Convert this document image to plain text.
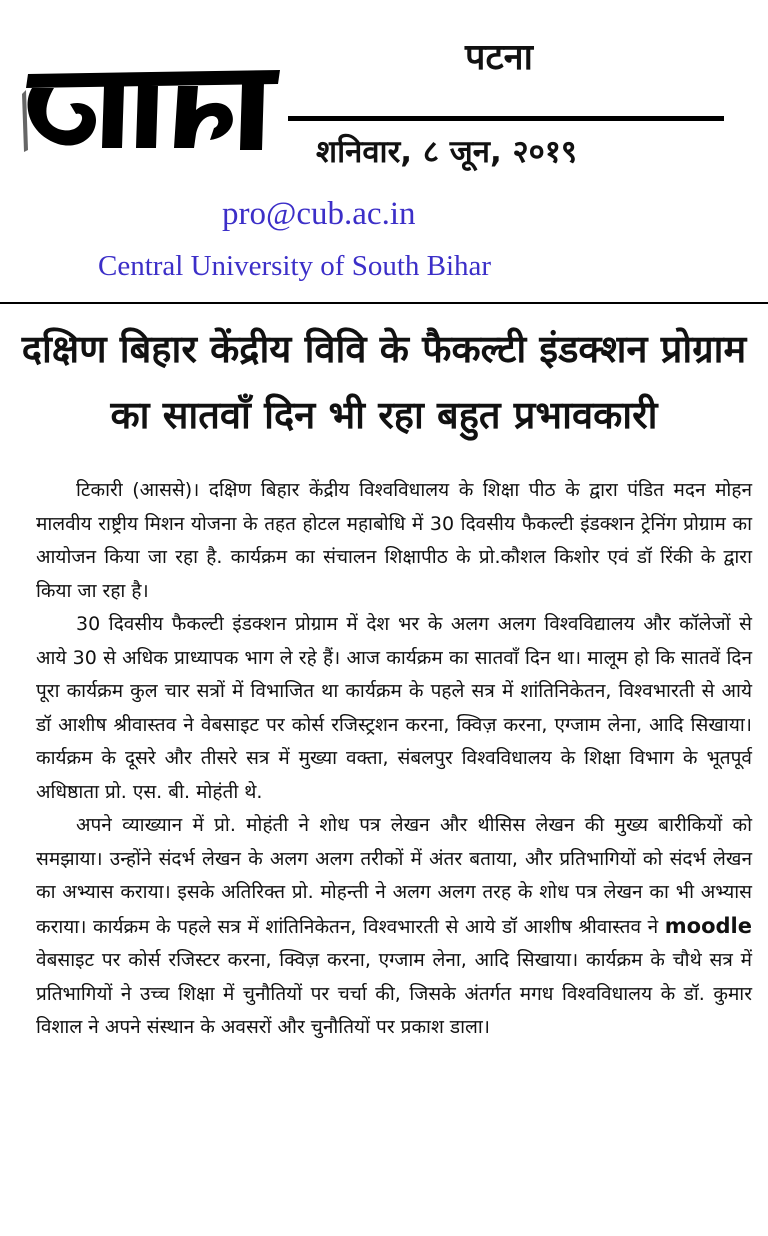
पटना
शनिवार, ८ जून, २०१९
pro@cub.ac.in
Central University of South Bihar
दक्षिण बिहार केंद्रीय विवि के फैकल्टी इंडक्शन प्रोग्राम का सातवाँ दिन भी रहा बहुत प्रभावकारी

टिकारी (आससे)। दक्षिण बिहार केंद्रीय विश्वविधालय के शिक्षा पीठ के द्वारा पंडित मदन मोहन मालवीय राष्ट्रीय मिशन योजना के तहत होटल महाबोधि में 30 दिवसीय फैकल्टी इंडक्शन ट्रेनिंग प्रोग्राम का आयोजन किया जा रहा है. कार्यक्रम का संचालन शिक्षापीठ के प्रो.कौशल किशोर एवं डॉ रिंकी के द्वारा किया जा रहा है।

30 दिवसीय फैकल्टी इंडक्शन प्रोग्राम में देश भर के अलग अलग विश्वविद्यालय और कॉलेजों से आये 30 से अधिक प्राध्यापक भाग ले रहे हैं। आज कार्यक्रम का सातवाँ दिन था। मालूम हो कि सातवें दिन पूरा कार्यक्रम कुल चार सत्रों में विभाजित था कार्यक्रम के पहले सत्र में शांतिनिकेतन, विश्वभारती से आये डॉ आशीष श्रीवास्तव ने वेबसाइट पर कोर्स रजिस्ट्रशन करना, क्विज़ करना, एग्जाम लेना, आदि सिखाया। कार्यक्रम के दूसरे और तीसरे सत्र में मुख्या वक्ता, संबलपुर विश्वविधालय के शिक्षा विभाग के भूतपूर्व अधिष्ठाता प्रो. एस. बी. मोहंती थे.

अपने व्याख्यान में प्रो. मोहंती ने शोध पत्र लेखन और थीसिस लेखन की मुख्य बारीकियों को समझाया। उन्होंने संदर्भ लेखन के अलग अलग तरीकों में अंतर बताया, और प्रतिभागियों को संदर्भ लेखन का अभ्यास कराया। इसके अतिरिक्त प्रो. मोहन्ती ने अलग अलग तरह के शोध पत्र लेखन का भी अभ्यास कराया। कार्यक्रम के पहले सत्र में शांतिनिकेतन, विश्वभारती से आये डॉ आशीष श्रीवास्तव ने moodle वेबसाइट पर कोर्स रजिस्टर करना, क्विज़ करना, एग्जाम लेना, आदि सिखाया। कार्यक्रम के चौथे सत्र में प्रतिभागियों ने उच्च शिक्षा में चुनौतियों पर चर्चा की, जिसके अंतर्गत मगध विश्वविधालय के डॉ. कुमार विशाल ने अपने संस्थान के अवसरों और चुनौतियों पर प्रकाश डाला।
